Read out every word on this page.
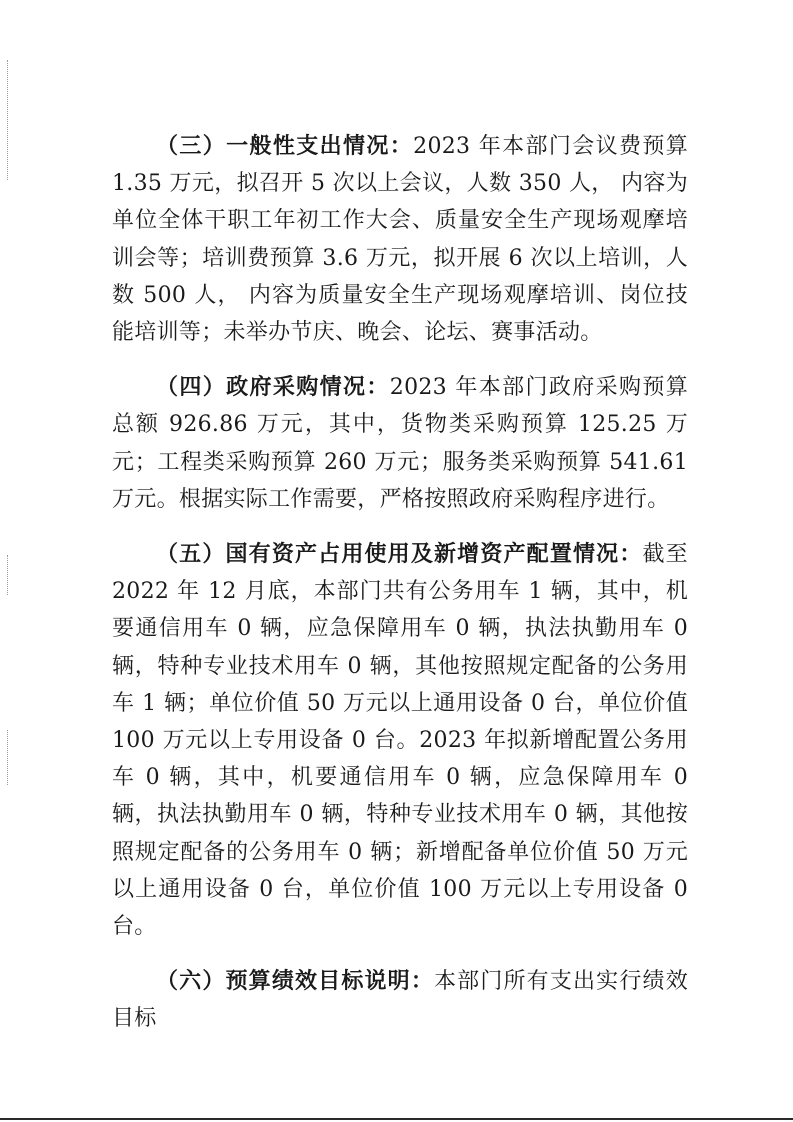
（三）一般性支出情况：2023 年本部门会议费预算 1.35 万元，拟召开 5 次以上会议，人数 350 人， 内容为单位全体干职工年初工作大会、质量安全生产现场观摩培训会等；培训费预算 3.6 万元，拟开展 6 次以上培训，人数 500 人， 内容为质量安全生产现场观摩培训、岗位技能培训等；未举办节庆、晚会、论坛、赛事活动。

（四）政府采购情况：2023 年本部门政府采购预算总额 926.86 万元，其中，货物类采购预算 125.25 万元；工程类采购预算 260 万元；服务类采购预算 541.61 万元。根据实际工作需要，严格按照政府采购程序进行。

（五）国有资产占用使用及新增资产配置情况：截至 2022 年 12 月底，本部门共有公务用车 1 辆，其中，机要通信用车 0 辆，应急保障用车 0 辆，执法执勤用车 0 辆，特种专业技术用车 0 辆，其他按照规定配备的公务用车 1 辆；单位价值 50 万元以上通用设备 0 台，单位价值 100 万元以上专用设备 0 台。2023 年拟新增配置公务用车 0 辆，其中，机要通信用车 0 辆，应急保障用车 0 辆，执法执勤用车 0 辆，特种专业技术用车 0 辆，其他按照规定配备的公务用车 0 辆；新增配备单位价值 50 万元以上通用设备 0 台，单位价值 100 万元以上专用设备 0 台。

（六）预算绩效目标说明：本部门所有支出实行绩效目标
